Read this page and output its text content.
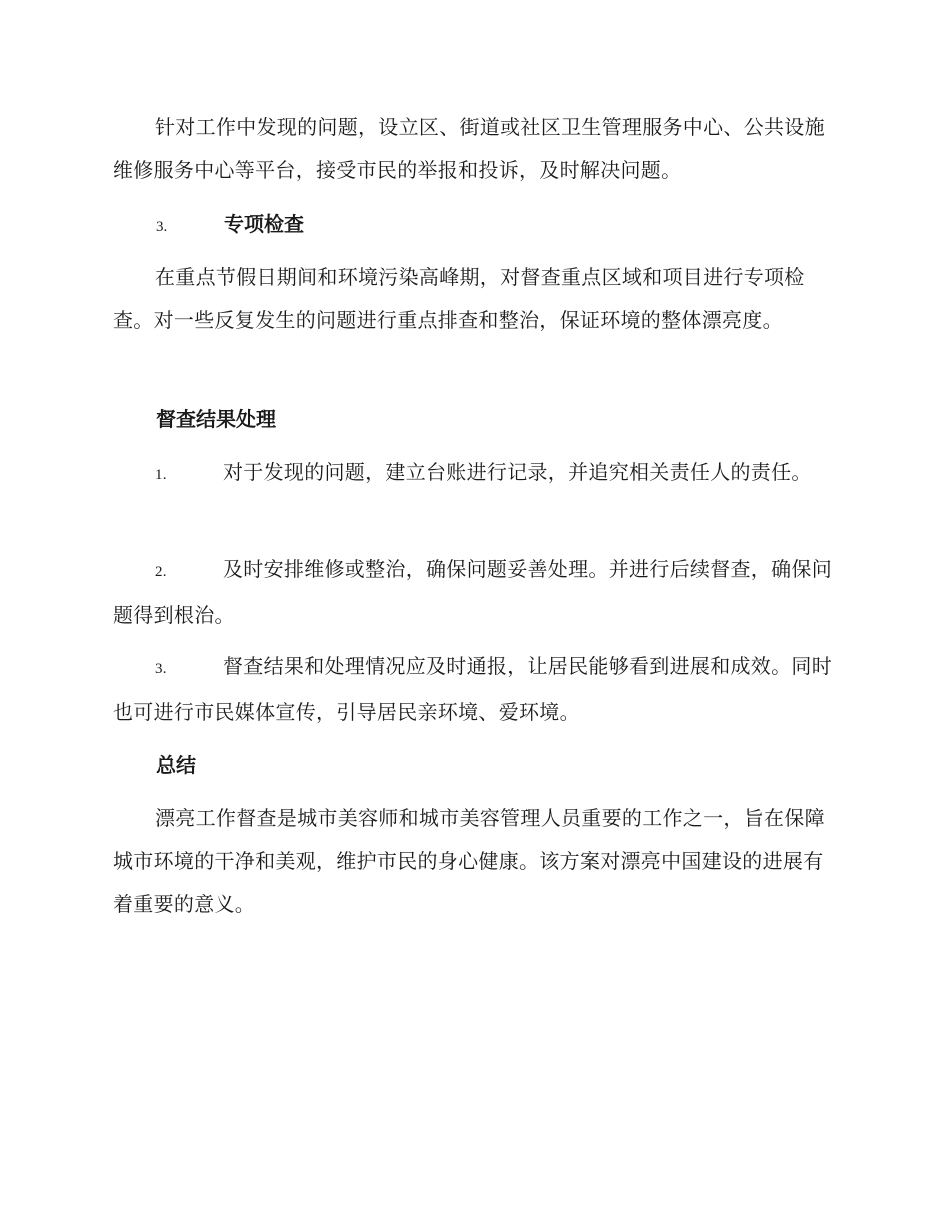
针对工作中发现的问题，设立区、街道或社区卫生管理服务中心、公共设施维修服务中心等平台，接受市民的举报和投诉，及时解决问题。

3.	专项检查

在重点节假日期间和环境污染高峰期，对督查重点区域和项目进行专项检查。对一些反复发生的问题进行重点排查和整治，保证环境的整体漂亮度。

督查结果处理

1.	对于发现的问题，建立台账进行记录，并追究相关责任人的责任。

2.	及时安排维修或整治，确保问题妥善处理。并进行后续督查，确保问题得到根治。

3.	督查结果和处理情况应及时通报，让居民能够看到进展和成效。同时也可进行市民媒体宣传，引导居民亲环境、爱环境。

总结

漂亮工作督查是城市美容师和城市美容管理人员重要的工作之一，旨在保障城市环境的干净和美观，维护市民的身心健康。该方案对漂亮中国建设的进展有着重要的意义。
